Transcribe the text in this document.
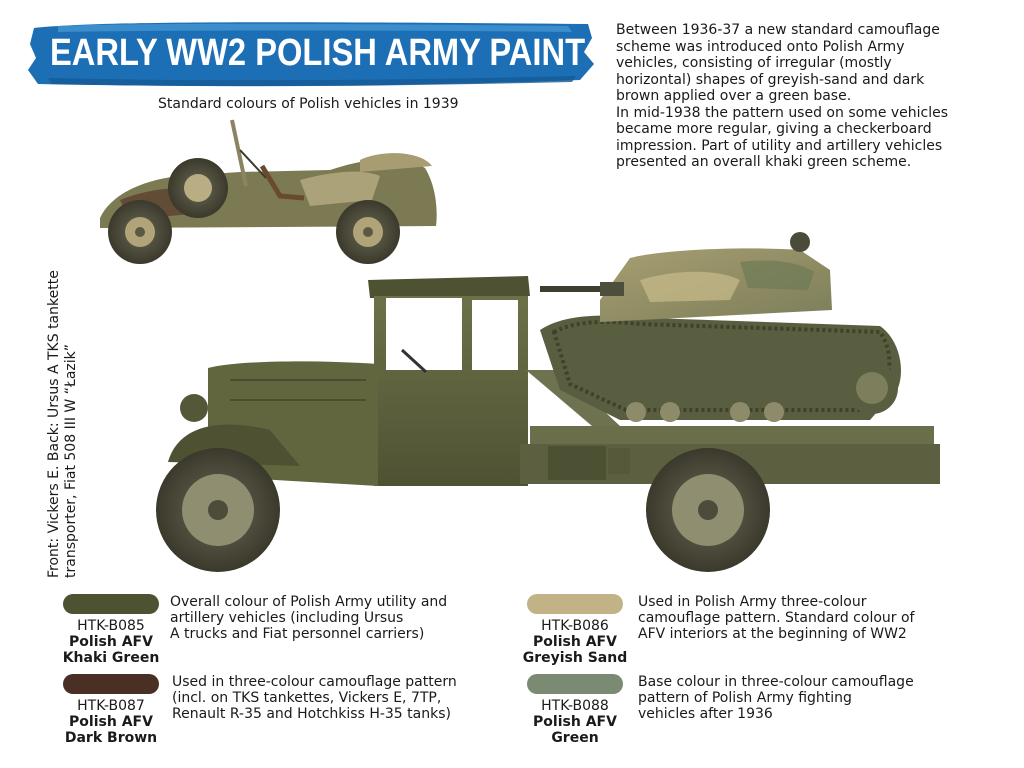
EARLY WW2 POLISH ARMY PAINT SET
Standard colours of Polish vehicles in 1939

Between 1936-37 a new standard camouflage

scheme was introduced onto Polish Army

vehicles, consisting of irregular (mostly

horizontal) shapes of greyish-sand and dark

brown applied over a green base.

In mid-1938 the pattern used on some vehicles

became more regular, giving a checkerboard

impression. Part of utility and artillery vehicles

presented an overall khaki green scheme.

Front: Vickers E. Back: Ursus A TKS tankette transporter, Fiat 508 III W “Łazik”

HTK-B085
Polish AFV
Khaki Green

Overall colour of Polish Army utility and

artillery vehicles (including Ursus

A trucks and Fiat personnel carriers)	HTK-B086
Polish AFV
Greyish Sand

Used in Polish Army three-colour

camouflage pattern. Standard colour of

AFV interiors at the beginning of WW2

HTK-B087
Polish AFV
Dark Brown

Used in three-colour camouflage pattern

(incl. on TKS tankettes, Vickers E, 7TP,

Renault R-35 and Hotchkiss H-35 tanks)	HTK-B088
Polish AFV
Green

Base colour in three-colour camouflage

pattern of Polish Army fighting

vehicles after 1936
